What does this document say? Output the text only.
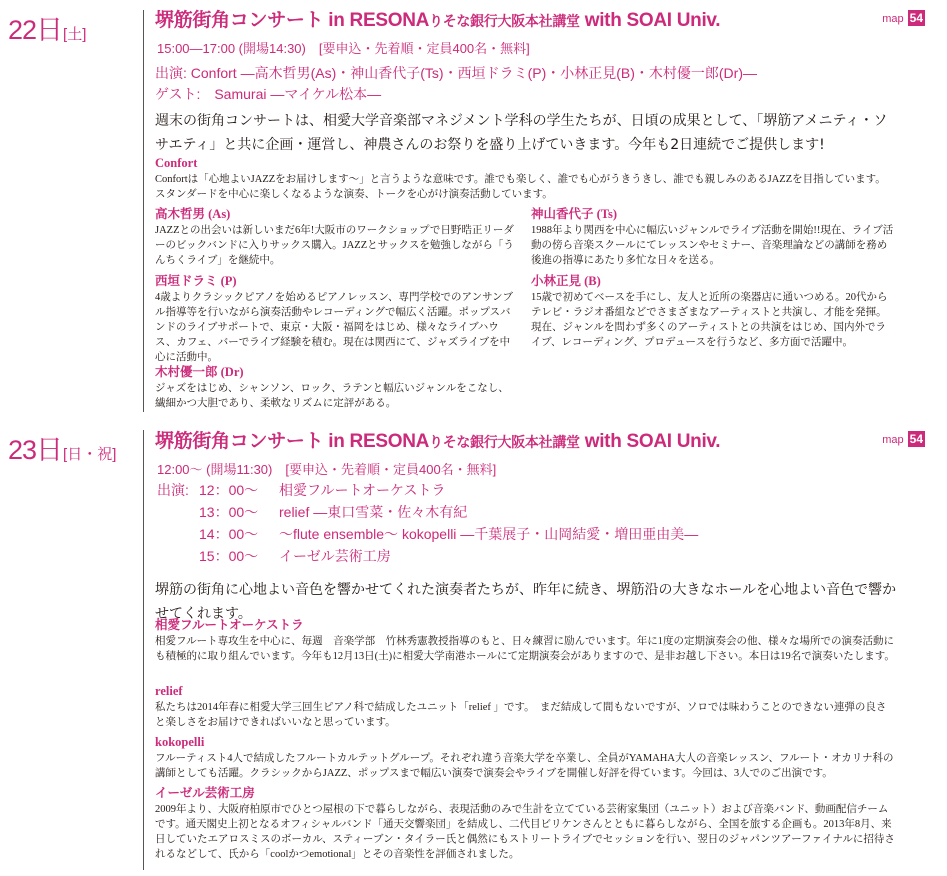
22日[土]
堺筋街角コンサート in RESONAりそな銀行大阪本社講堂 with SOAI Univ.	map 54
15:00—17:00 (開場14:30)　[要申込・先着順・定員400名・無料]
出演: Confort ―高木哲男(As)・神山香代子(Ts)・西垣ドラミ(P)・小林正見(B)・木村優一郎(Dr)―
ゲスト:　Samurai ―マイケル松本―
週末の街角コンサートは、相愛大学音楽部マネジメント学科の学生たちが、日頃の成果として、「堺筋アメニティ・ソサエティ」と共に企画・運営し、神農さんのお祭りを盛り上げていきます。今年も2日連続でご提供します!
Confort
Confortは「心地よいJAZZをお届けします〜」と言うような意味です。誰でも楽しく、誰でも心がうきうきし、誰でも親しみのあるJAZZを目指しています。スタンダードを中心に楽しくなるような演奏、トークを心がけ演奏活動しています。
高木哲男 (As)
JAZZとの出会いは新しいまだ6年!大阪市のワークショップで日野晧正リーダーのビックバンドに入りサックス購入。JAZZとサックスを勉強しながら「うんちくライブ」を継続中。
神山香代子 (Ts)
1988年より関西を中心に幅広いジャンルでライブ活動を開始!!現在、ライブ活動の傍ら音楽スクールにてレッスンやセミナー、音楽理論などの講師を務め後進の指導にあたり多忙な日々を送る。
西垣ドラミ (P)
4歳よりクラシックピアノを始めるピアノレッスン、専門学校でのアンサンブル指導等を行いながら演奏活動やレコーディングで幅広く活躍。ポップスバンドのライブサポートで、東京・大阪・福岡をはじめ、様々なライブハウス、カフェ、バーでライブ経験を積む。現在は関西にて、ジャズライブを中心に活動中。
小林正見 (B)
15歳で初めてベースを手にし、友人と近所の楽器店に通いつめる。20代からテレビ・ラジオ番組などでさまざまなアーティストと共演し、才能を発揮。現在、ジャンルを問わず多くのアーティストとの共演をはじめ、国内外でライブ、レコーディング、プロデュースを行うなど、多方面で活躍中。
木村優一郎 (Dr)
ジャズをはじめ、シャンソン、ロック、ラテンと幅広いジャンルをこなし、繊細かつ大胆であり、柔軟なリズムに定評がある。
23日[日・祝]
堺筋街角コンサート in RESONAりそな銀行大阪本社講堂 with SOAI Univ.	map 54
12:00〜 (開場11:30)　[要申込・先着順・定員400名・無料]
出演: 12：00〜 相愛フルートオーケストラ
13：00〜 relief ―東口雪菜・佐々木有紀
14：00〜 〜flute ensemble〜 kokopelli ―千葉展子・山岡結愛・増田亜由美―
15：00〜 イーゼル芸術工房
堺筋の街角に心地よい音色を響かせてくれた演奏者たちが、昨年に続き、堺筋沿の大きなホールを心地よい音色で響かせてくれます。
相愛フルートオーケストラ
相愛フルート専攻生を中心に、毎週　音楽学部　竹林秀憲教授指導のもと、日々練習に励んでいます。年に1度の定期演奏会の他、様々な場所での演奏活動にも積極的に取り組んでいます。今年も12月13日(土)に相愛大学南港ホールにて定期演奏会がありますので、是非お越し下さい。本日は19名で演奏いたします。
relief
私たちは2014年春に相愛大学三回生ピアノ科で結成したユニット「relief 」です。　まだ結成して間もないですが、ソロでは味わうことのできない連弾の良さと楽しさをお届けできればいいなと思っています。
kokopelli
フルーティスト4人で結成したフルートカルテットグループ。それぞれ違う音楽大学を卒業し、全員がYAMAHA大人の音楽レッスン、フルート・オカリナ科の講師としても活躍。クラシックからJAZZ、ポップスまで幅広い演奏で演奏会やライブを開催し好評を得ています。今回は、3人でのご出演です。
イーゼル芸術工房
2009年より、大阪府柏原市でひとつ屋根の下で暮らしながら、表現活動のみで生計を立てている芸術家集団（ユニット）および音楽バンド、動画配信チームです。通天閣史上初となるオフィシャルバンド「通天交響楽団」を結成し、二代目ビリケンさんとともに暮らしながら、全国を旅する企画も。2013年8月、来日していたエアロスミスのボーカル、スティーブン・タイラー氏と偶然にもストリートライブでセッションを行い、翌日のジャパンツアーファイナルに招待されるなどして、氏から「coolかつemotional」とその音楽性を評価されました。
